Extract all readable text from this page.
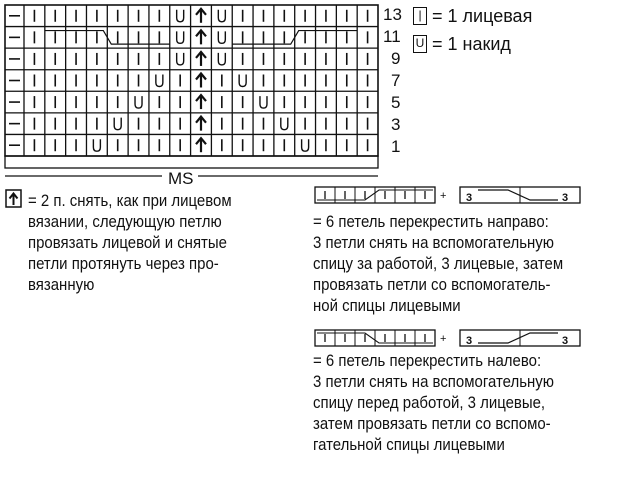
13
11
9
7
5
3
1
MS
| = 1 лицевая
U = 1 накид
= 2 п. снять, как при лицевом
вязании, следующую петлю
провязать лицевой и снятые
петли протянуть через про-
вязанную
+ 3	3
= 6 петель перекрестить направо:
3 петли снять на вспомогательную
спицу за работой, 3 лицевые, затем
провязать петли со вспомогатель-
ной спицы лицевыми
+ 3	3
= 6 петель перекрестить налево:
3 петли снять на вспомогательную
спицу перед работой, 3 лицевые,
затем провязать петли со вспомо-
гательной спицы лицевыми
